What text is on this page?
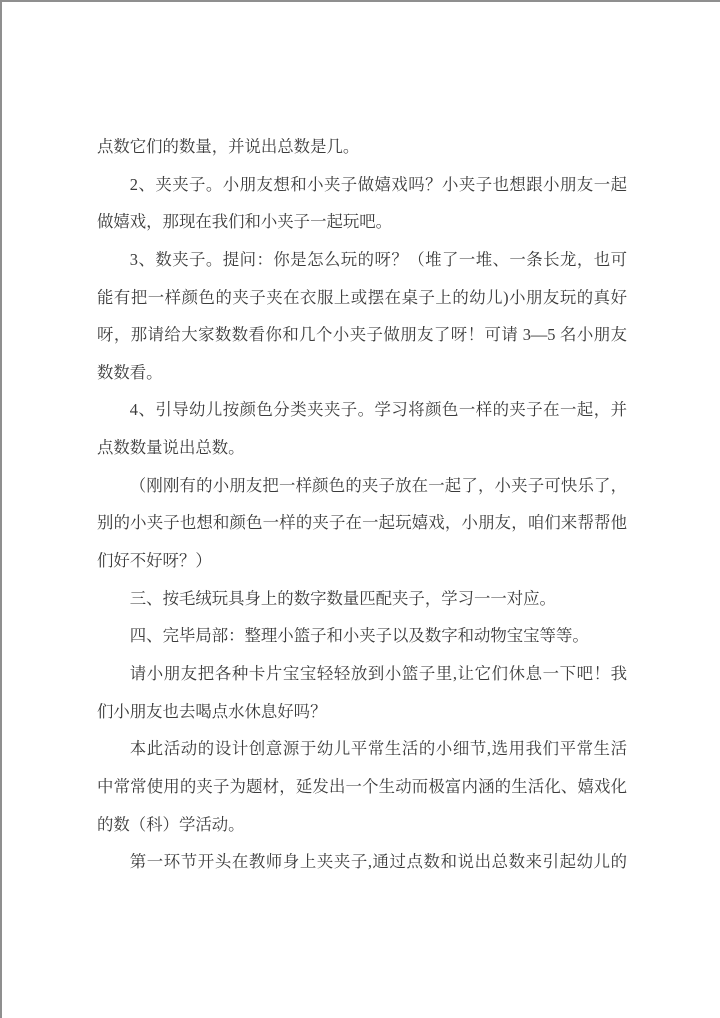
点数它们的数量，并说出总数是几。
2、夹夹子。小朋友想和小夹子做嬉戏吗？小夹子也想跟小朋友一起
做嬉戏，那现在我们和小夹子一起玩吧。
3、数夹子。提问：你是怎么玩的呀？（堆了一堆、一条长龙，也可
能有把一样颜色的夹子夹在衣服上或摆在桌子上的幼儿)小朋友玩的真好
呀，那请给大家数数看你和几个小夹子做朋友了呀！可请 3—5 名小朋友
数数看。
4、引导幼儿按颜色分类夹夹子。学习将颜色一样的夹子在一起，并
点数数量说出总数。
（刚刚有的小朋友把一样颜色的夹子放在一起了，小夹子可快乐了，
别的小夹子也想和颜色一样的夹子在一起玩嬉戏，小朋友，咱们来帮帮他
们好不好呀？）
三、按毛绒玩具身上的数字数量匹配夹子，学习一一对应。
四、完毕局部：整理小篮子和小夹子以及数字和动物宝宝等等。
请小朋友把各种卡片宝宝轻轻放到小篮子里,让它们休息一下吧！我
们小朋友也去喝点水休息好吗？
本此活动的设计创意源于幼儿平常生活的小细节,选用我们平常生活
中常常使用的夹子为题材，延发出一个生动而极富内涵的生活化、嬉戏化
的数（科）学活动。
第一环节开头在教师身上夹夹子,通过点数和说出总数来引起幼儿的
